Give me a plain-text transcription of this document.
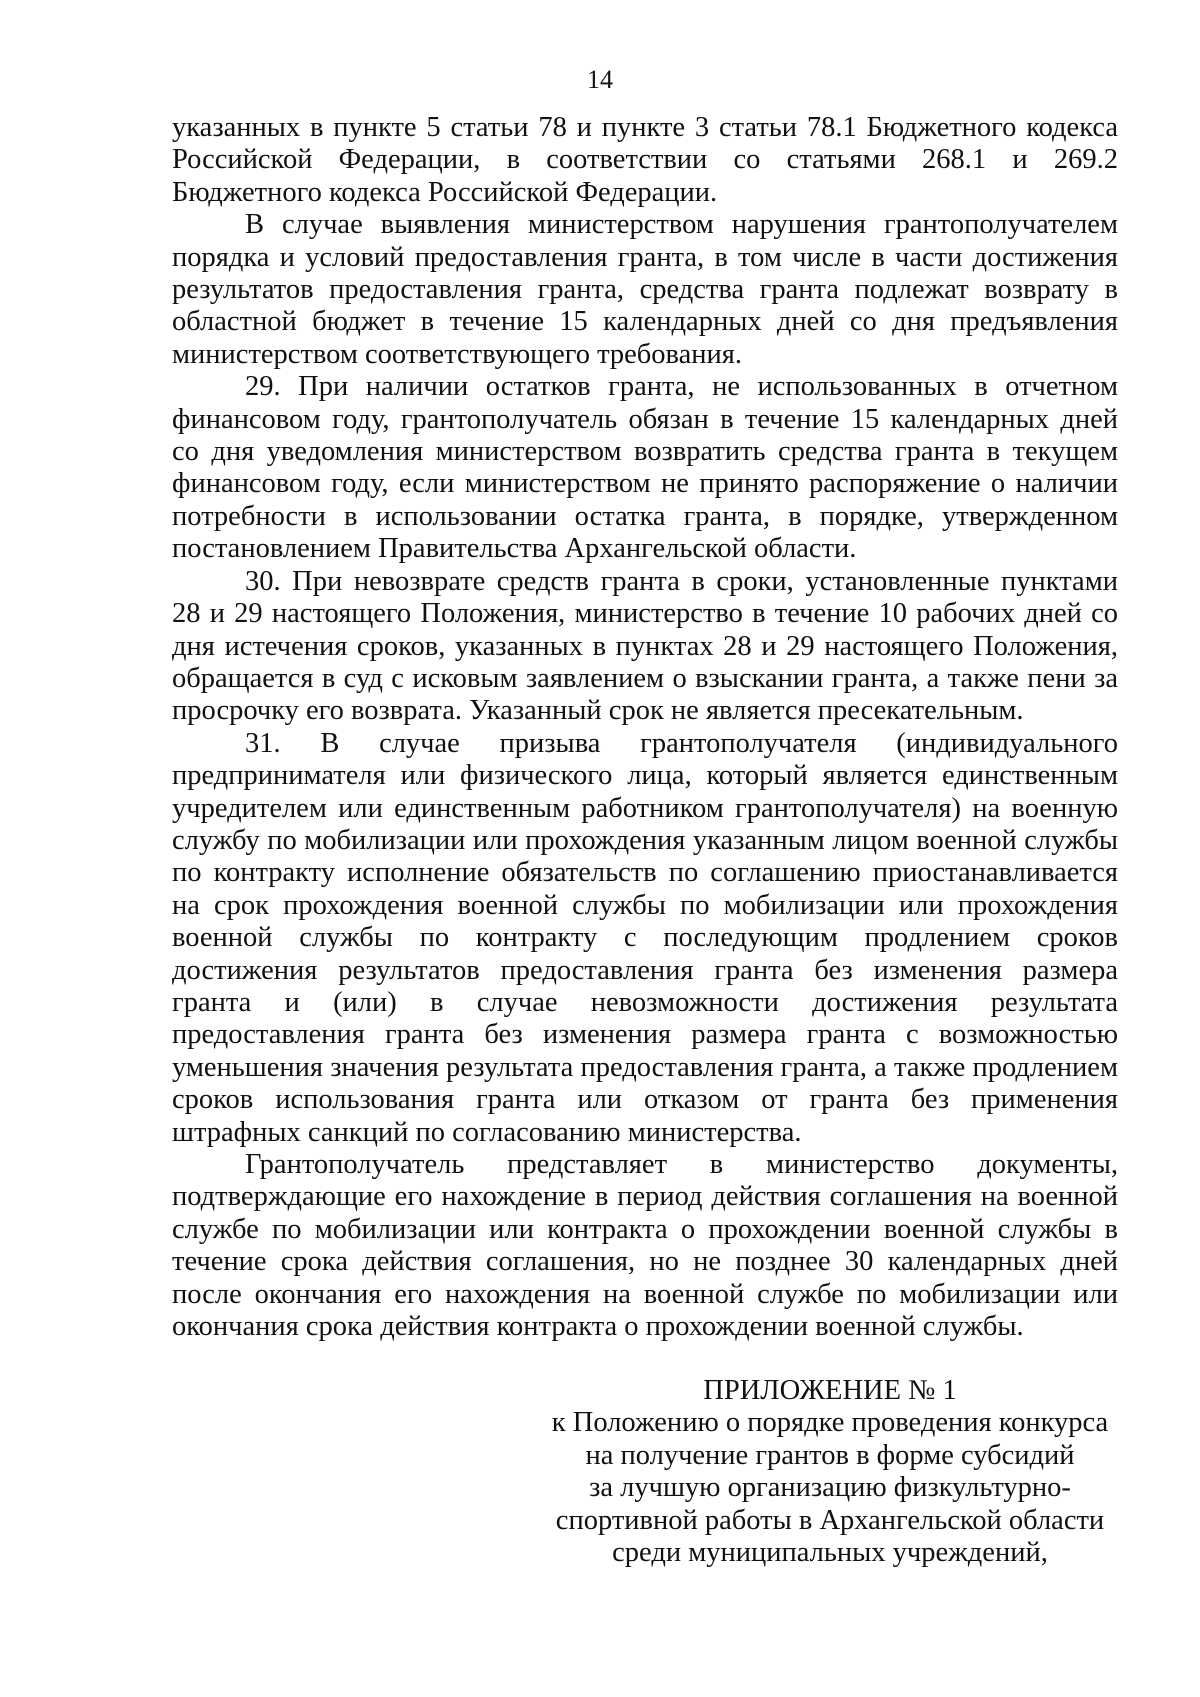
14

указанных в пункте 5 статьи 78 и пункте 3 статьи 78.1 Бюджетного кодекса Российской Федерации, в соответствии со статьями 268.1 и 269.2 Бюджетного кодекса Российской Федерации.

В случае выявления министерством нарушения грантополучателем порядка и условий предоставления гранта, в том числе в части достижения результатов предоставления гранта, средства гранта подлежат возврату в областной бюджет в течение 15 календарных дней со дня предъявления министерством соответствующего требования.

29. При наличии остатков гранта, не использованных в отчетном финансовом году, грантополучатель обязан в течение 15 календарных дней со дня уведомления министерством возвратить средства гранта в текущем финансовом году, если министерством не принято распоряжение о наличии потребности в использовании остатка гранта, в порядке, утвержденном постановлением Правительства Архангельской области.

30. При невозврате средств гранта в сроки, установленные пунктами 28 и 29 настоящего Положения, министерство в течение 10 рабочих дней со дня истечения сроков, указанных в пунктах 28 и 29 настоящего Положения, обращается в суд с исковым заявлением о взыскании гранта, а также пени за просрочку его возврата. Указанный срок не является пресекательным.

31. В случае призыва грантополучателя (индивидуального предпринимателя или физического лица, который является единственным учредителем или единственным работником грантополучателя) на военную службу по мобилизации или прохождения указанным лицом военной службы по контракту исполнение обязательств по соглашению приостанавливается на срок прохождения военной службы по мобилизации или прохождения военной службы по контракту с последующим продлением сроков достижения результатов предоставления гранта без изменения размера гранта и (или) в случае невозможности достижения результата предоставления гранта без изменения размера гранта с возможностью уменьшения значения результата предоставления гранта, а также продлением сроков использования гранта или отказом от гранта без применения штрафных санкций по согласованию министерства.

Грантополучатель представляет в министерство документы, подтверждающие его нахождение в период действия соглашения на военной службе по мобилизации или контракта о прохождении военной службы в течение срока действия соглашения, но не позднее 30 календарных дней после окончания его нахождения на военной службе по мобилизации или окончания срока действия контракта о прохождении военной службы.

ПРИЛОЖЕНИЕ № 1
к Положению о порядке проведения конкурса
на получение грантов в форме субсидий
за лучшую организацию физкультурно-
спортивной работы в Архангельской области
среди муниципальных учреждений,
